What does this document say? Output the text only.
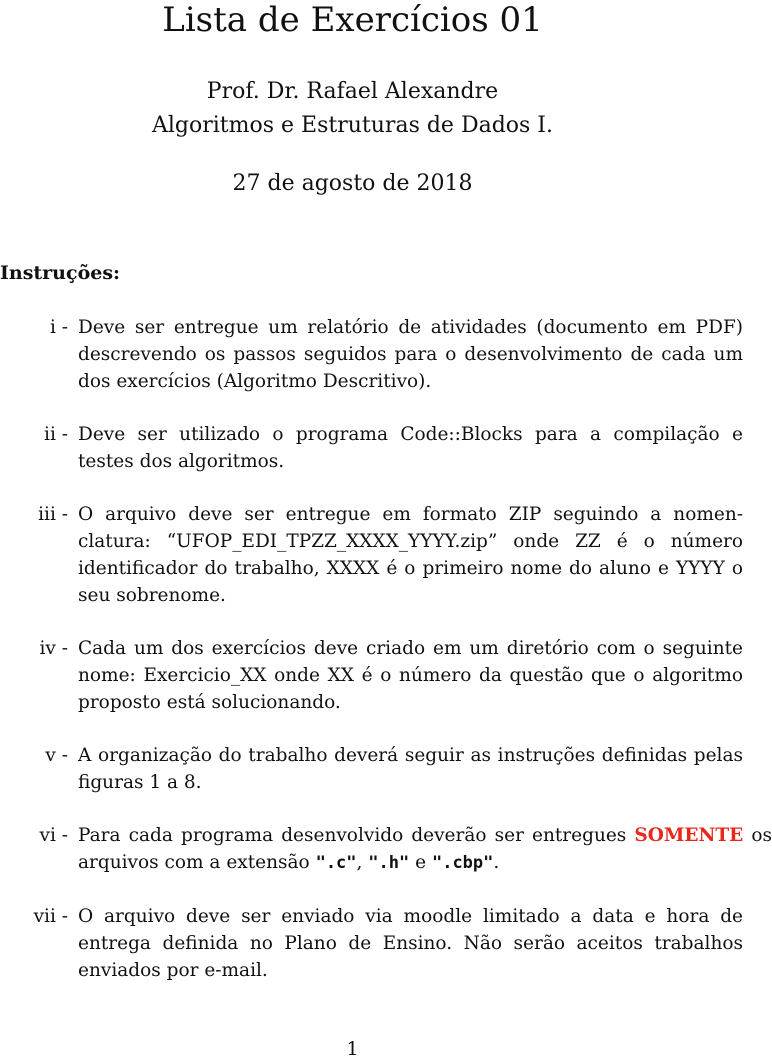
Lista de Exercícios 01
Prof. Dr. Rafael Alexandre
Algoritmos e Estruturas de Dados I.
27 de agosto de 2018
Instruções:
i - Deve ser entregue um relatório de atividades (documento em PDF) descrevendo os passos seguidos para o desenvolvimento de cada um dos exercícios (Algoritmo Descritivo).
ii - Deve ser utilizado o programa Code::Blocks para a compilação e testes dos algoritmos.
iii - O arquivo deve ser entregue em formato ZIP seguindo a nomenclatura: “UFOP_EDI_TPZZ_XXXX_YYYY.zip” onde ZZ é o número identificador do trabalho, XXXX é o primeiro nome do aluno e YYYY o seu sobrenome.
iv - Cada um dos exercícios deve criado em um diretório com o seguinte nome: Exercicio_XX onde XX é o número da questão que o algoritmo proposto está solucionando.
v - A organização do trabalho deverá seguir as instruções definidas pelas figuras 1 a 8.
vi - Para cada programa desenvolvido deverão ser entregues SOMENTE os arquivos com a extensão ".c", ".h" e ".cbp".
vii - O arquivo deve ser enviado via moodle limitado a data e hora de entrega definida no Plano de Ensino. Não serão aceitos trabalhos enviados por e-mail.
1
